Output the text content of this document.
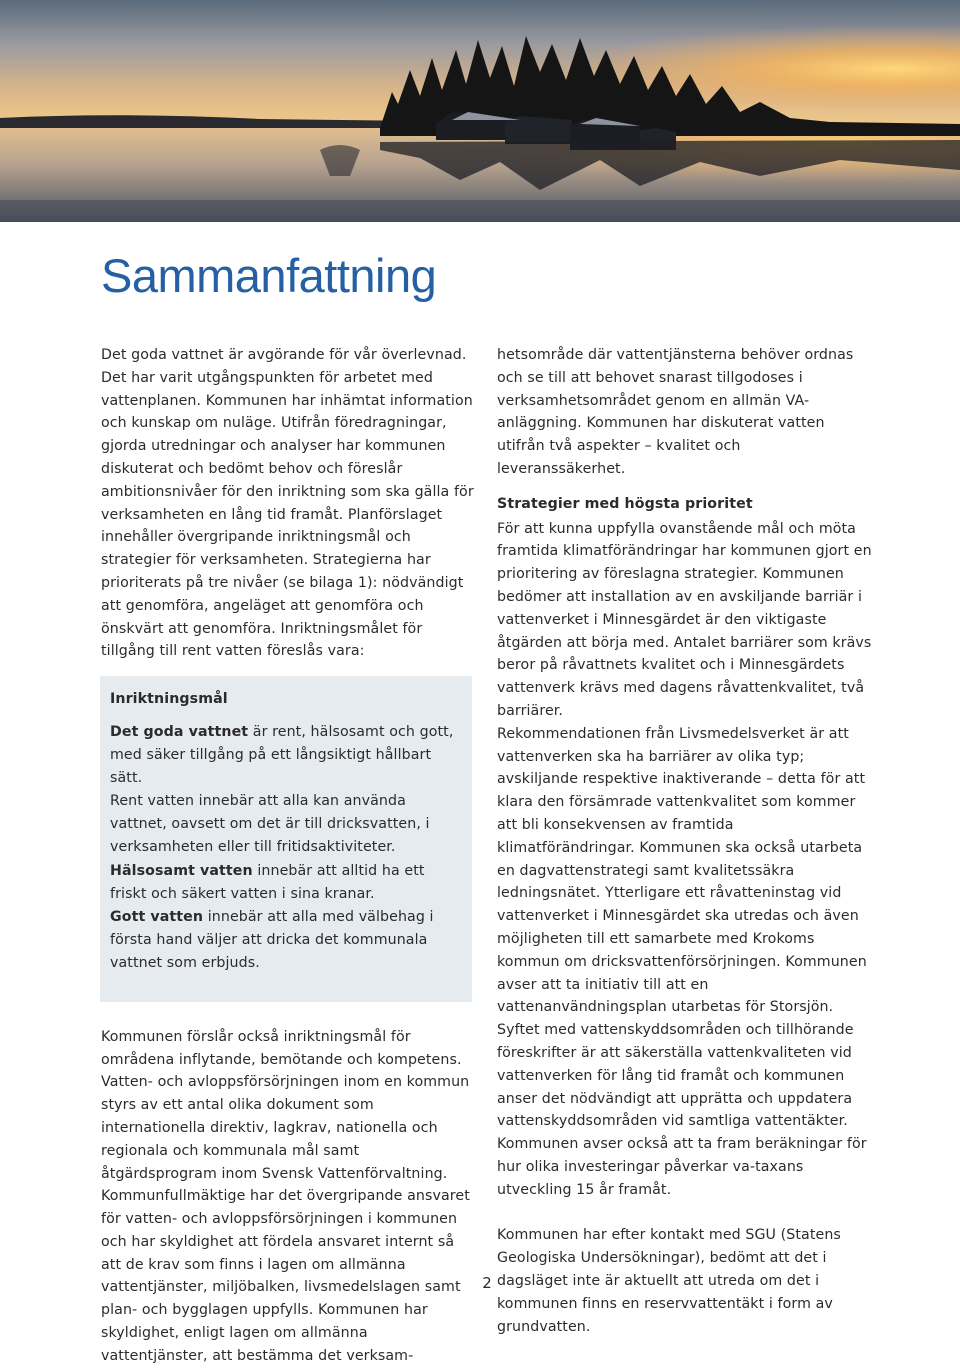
Sammanfattning

Det goda vattnet är avgörande för vår överlevnad. Det har varit utgångspunkten för arbetet med vattenplanen. Kommunen har inhämtat information och kunskap om nuläge. Utifrån föredragningar, gjorda utredningar och analyser har kommunen diskuterat och bedömt behov och föreslår ambitionsnivåer för den inriktning som ska gälla för verksamheten en lång tid framåt. Planförslaget innehåller övergripande inriktningsmål och strategier för verksamheten. Strategierna har prioriterats på tre nivåer (se bilaga 1): nödvändigt att genomföra, angeläget att genomföra och önskvärt att genomföra. Inriktningsmålet för tillgång till rent vatten föreslås vara:

Inriktningsmål

Det goda vattnet är rent, hälsosamt och gott, med säker tillgång på ett långsiktigt hållbart sätt.

Rent vatten innebär att alla kan använda vattnet, oavsett om det är till dricksvatten, i verksamheten eller till fritidsaktiviteter.

Hälsosamt vatten innebär att alltid ha ett friskt och säkert vatten i sina kranar.

Gott vatten innebär att alla med välbehag i första hand väljer att dricka det kommunala vattnet som erbjuds.

Kommunen förslår också inriktningsmål för områdena inflytande, bemötande och kompetens. Vatten- och avloppsförsörjningen inom en kommun styrs av ett antal olika dokument som internationella direktiv, lagkrav, nationella och regionala och kommunala mål samt åtgärdsprogram inom Svensk Vattenförvaltning. Kommunfullmäktige har det övergripande ansvaret för vatten- och avloppsförsörjningen i kommunen och har skyldighet att fördela ansvaret internt så att de krav som finns i lagen om allmänna vattentjänster, miljöbalken, livsmedelslagen samt plan- och bygglagen uppfylls. Kommunen har skyldighet, enligt lagen om allmänna vattentjänster, att bestämma det verksam-

hetsområde där vattentjänsterna behöver ordnas och se till att behovet snarast tillgodoses i verksamhetsområdet genom en allmän VA-anläggning. Kommunen har diskuterat vatten utifrån två aspekter – kvalitet och leveranssäkerhet.

Strategier med högsta prioritet

För att kunna uppfylla ovanstående mål och möta framtida klimatförändringar har kommunen gjort en prioritering av föreslagna strategier. Kommunen bedömer att installation av en avskiljande barriär i vattenverket i Minnesgärdet är den viktigaste åtgärden att börja med. Antalet barriärer som krävs beror på råvattnets kvalitet och i Minnesgärdets vattenverk krävs med dagens råvattenkvalitet, två barriärer.

Rekommendationen från Livsmedelsverket är att vattenverken ska ha barriärer av olika typ; avskiljande respektive inaktiverande – detta för att klara den försämrade vattenkvalitet som kommer att bli konsekvensen av framtida klimatförändringar. Kommunen ska också utarbeta en dagvattenstrategi samt kvalitetssäkra ledningsnätet. Ytterligare ett råvatteninstag vid vattenverket i Minnesgärdet ska utredas och även möjligheten till ett samarbete med Krokoms kommun om dricksvattenförsörjningen. Kommunen avser att ta initiativ till att en vattenanvändningsplan utarbetas för Storsjön. Syftet med vattenskyddsområden och tillhörande föreskrifter är att säkerställa vattenkvaliteten vid vattenverken för lång tid framåt och kommunen anser det nödvändigt att upprätta och uppdatera vattenskyddsområden vid samtliga vattentäkter. Kommunen avser också att ta fram beräkningar för hur olika investeringar påverkar va-taxans utveckling 15 år framåt.

Kommunen har efter kontakt med SGU (Statens Geologiska Undersökningar), bedömt att det i dagsläget inte är aktuellt att utreda om det i kommunen finns en reservvattentäkt i form av grundvatten.

2
